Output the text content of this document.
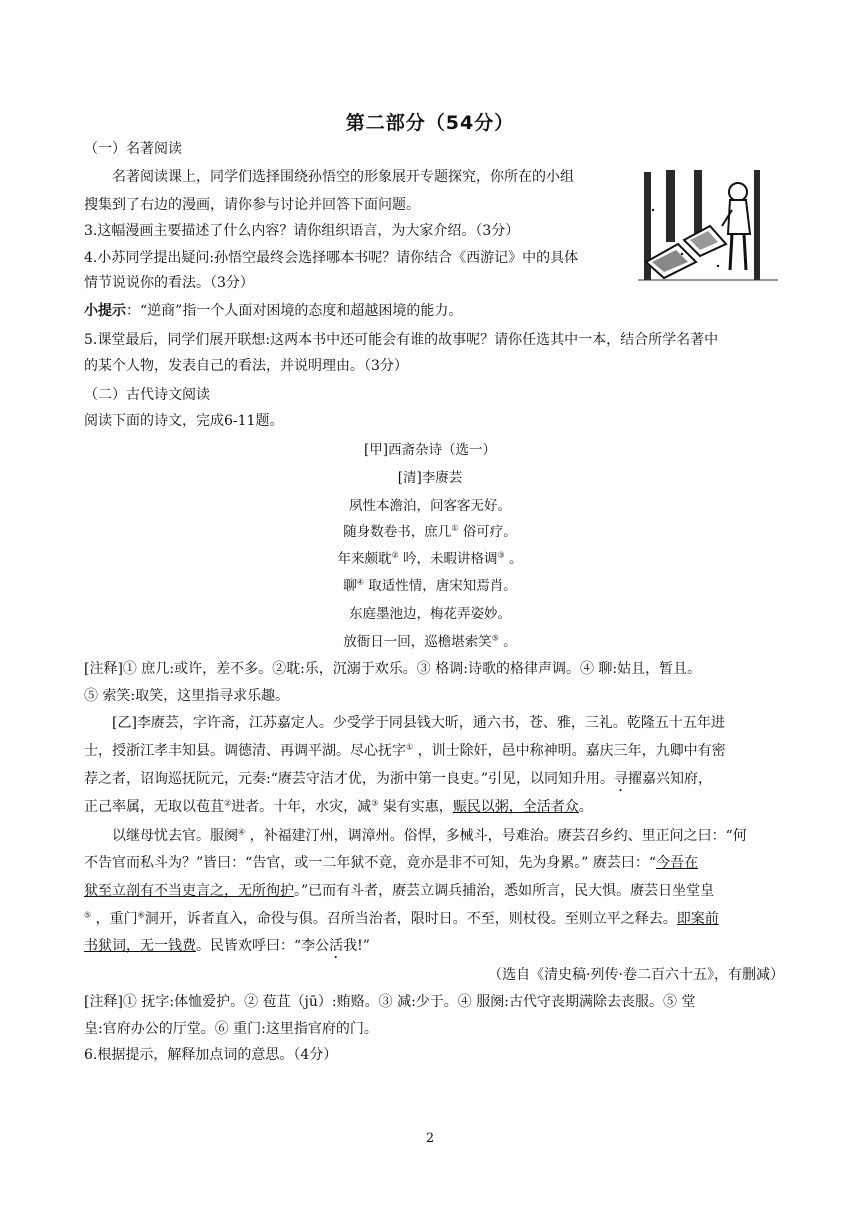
第二部分（54分）
（一）名著阅读
名著阅读课上，同学们选择围绕孙悟空的形象展开专题探究，你所在的小组
搜集到了右边的漫画，请你参与讨论并回答下面问题。
3.这幅漫画主要描述了什么内容？请你组织语言，为大家介绍。（3分）
4.小苏同学提出疑问:孙悟空最终会选择哪本书呢？请你结合《西游记》中的具体
情节说说你的看法。（3分）
小提示：“逆商”指一个人面对困境的态度和超越困境的能力。
5.课堂最后，同学们展开联想:这两本书中还可能会有谁的故事呢？请你任选其中一本，结合所学名著中
的某个人物，发表自己的看法，并说明理由。（3分）
（二）古代诗文阅读
阅读下面的诗文，完成6-11题。
[甲]西斋杂诗（选一）
[清]李赓芸
夙性本澹泊，问客客无好。
随身数卷书，庶几① 俗可疗。
年来颇耽② 吟，未暇讲格调③ 。
聊④ 取适性情，唐宋知焉肖。
东庭墨池边，梅花弄姿妙。
放衙日一回，巡檐堪索笑⑤ 。
[注释]① 庶几:或许，差不多。②耽:乐，沉溺于欢乐。③ 格调:诗歌的格律声调。④ 聊:姑且，暂且。
⑤ 索笑:取笑，这里指寻求乐趣。
[乙]李赓芸，字许斋，江苏嘉定人。少受学于同县钱大昕，通六书，苍、雅，三礼。乾隆五十五年进
士，授浙江孝丰知县。调德清、再调平湖。尽心抚字① ，训士除奸，邑中称神明。嘉庆三年，九卿中有密
荐之者，诏询巡抚阮元，元奏:“赓芸守洁才优，为浙中第一良吏。”引见，以同知升用。寻擢嘉兴知府，
正己率属，无取以苞苴②进者。十年，水灾，减③ 粜有实惠，赈民以粥，全活者众。
以继母忧去官。服阕④ ，补福建汀州，调漳州。俗悍，多械斗，号难治。赓芸召乡约、里正问之曰：“何
不告官而私斗为？”皆曰：“告官，或一二年狱不竟，竟亦是非不可知，先为身累。” 赓芸曰：“今吾在
狱至立剖有不当吏言之，无所徇护。”已而有斗者，赓芸立调兵捕治，悉如所言，民大惧。赓芸日坐堂皇
⑤ ，重门⑥洞开，诉者直入，命役与俱。召所当治者，限时日。不至，则杖役。至则立平之释去。即案前
书狱词，无一钱费。民皆欢呼曰：“李公活我!”
（选自《清史稿·列传·卷二百六十五》，有删减）
[注释]① 抚字:体恤爱护。② 苞苴（jū）:贿赂。③ 减:少于。④ 服阕:古代守丧期满除去丧服。⑤ 堂
皇:官府办公的厅堂。⑥ 重门:这里指官府的门。
6.根据提示，解释加点词的意思。（4分）
2
